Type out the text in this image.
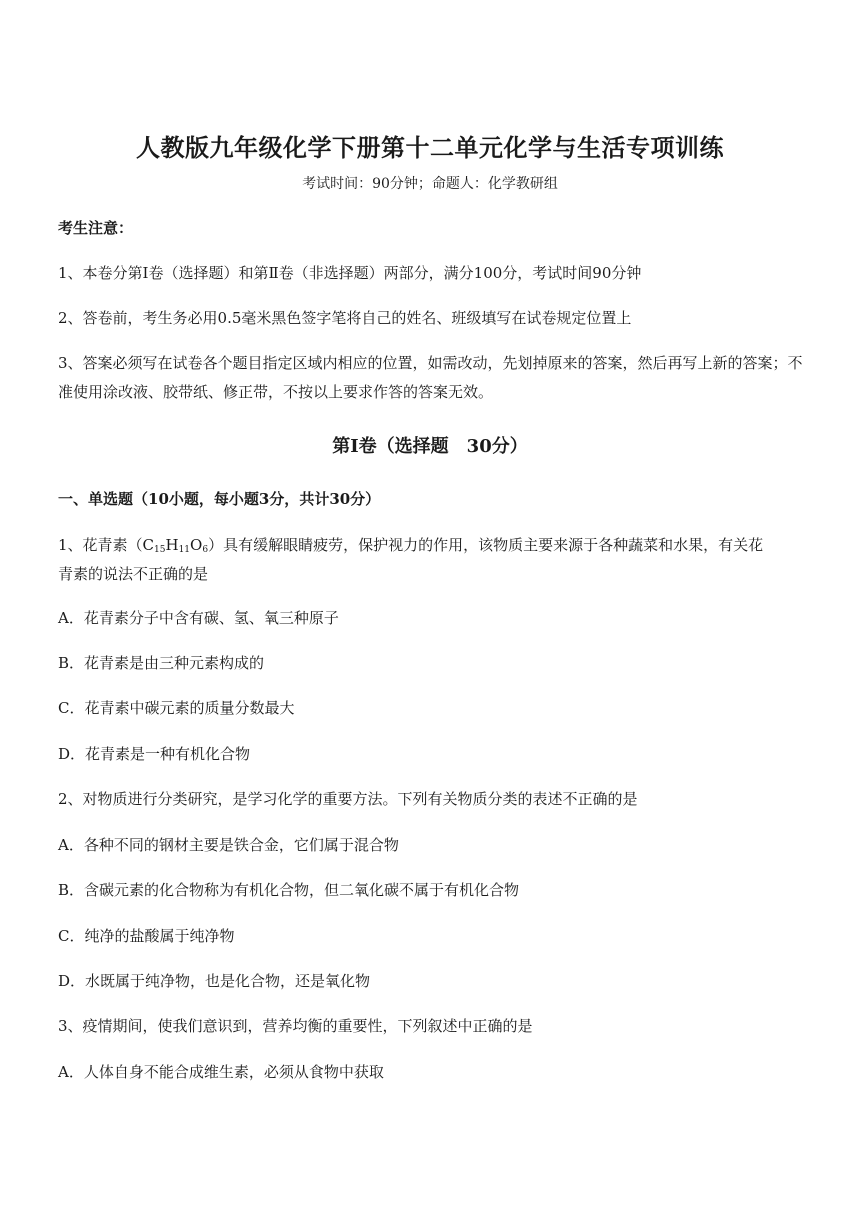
人教版九年级化学下册第十二单元化学与生活专项训练
考试时间：90分钟；命题人：化学教研组
考生注意：
1、本卷分第Ⅰ卷（选择题）和第Ⅱ卷（非选择题）两部分，满分100分，考试时间90分钟
2、答卷前，考生务必用0.5毫米黑色签字笔将自己的姓名、班级填写在试卷规定位置上
3、答案必须写在试卷各个题目指定区域内相应的位置，如需改动，先划掉原来的答案，然后再写上新的答案；不准使用涂改液、胶带纸、修正带，不按以上要求作答的答案无效。
第Ⅰ卷（选择题　30分）
一、单选题（10小题，每小题3分，共计30分）
1、花青素$(C_{15}H_{11}O_6)$具有缓解眼睛疲劳，保护视力的作用，该物质主要来源于各种蔬菜和水果，有关花
青素的说法不正确的是
A．花青素分子中含有碳、氢、氧三种原子
B．花青素是由三种元素构成的
C．花青素中碳元素的质量分数最大
D．花青素是一种有机化合物
2、对物质进行分类研究，是学习化学的重要方法。下列有关物质分类的表述不正确的是
A．各种不同的钢材主要是铁合金，它们属于混合物
B．含碳元素的化合物称为有机化合物，但二氧化碳不属于有机化合物
C．纯净的盐酸属于纯净物
D．水既属于纯净物，也是化合物，还是氧化物
3、疫情期间，使我们意识到，营养均衡的重要性，下列叙述中正确的是
A．人体自身不能合成维生素，必须从食物中获取
